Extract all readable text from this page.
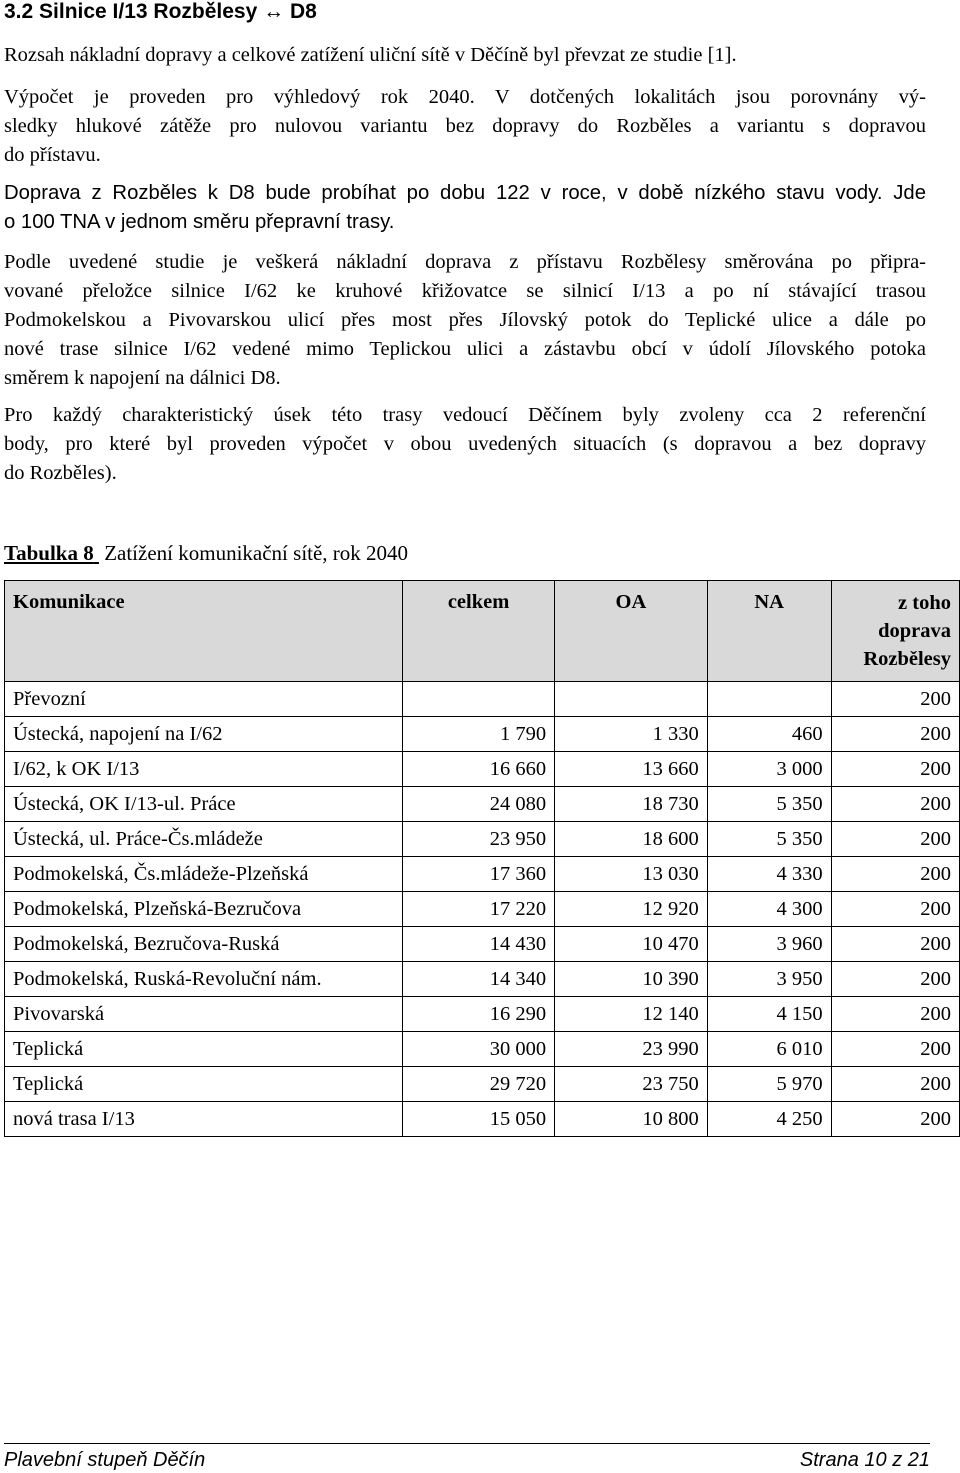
3.2 Silnice I/13 Rozbělesy ↔ D8
Rozsah nákladní dopravy a celkové zatížení uliční sítě v Děčíně byl převzat ze studie [1].
Výpočet je proveden pro výhledový rok 2040. V dotčených lokalitách jsou porovnány vý-
sledky hlukové zátěže pro nulovou variantu bez dopravy do Rozběles a variantu s dopravou
do přístavu.
Doprava z Rozběles k D8 bude probíhat po dobu 122 v roce, v době nízkého stavu vody. Jde
o 100 TNA v jednom směru přepravní trasy.
Podle uvedené studie je veškerá nákladní doprava z přístavu Rozbělesy směrována po připra-
vované přeložce silnice I/62 ke kruhové křižovatce se silnicí I/13 a po ní stávající trasou
Podmokelskou a Pivovarskou ulicí přes most přes Jílovský potok do Teplické ulice a dále po
nové trase silnice I/62 vedené mimo Teplickou ulici a zástavbu obcí v údolí Jílovského potoka
směrem k napojení na dálnici D8.
Pro každý charakteristický úsek této trasy vedoucí Děčínem byly zvoleny cca 2 referenční
body, pro které byl proveden výpočet v obou uvedených situacích (s dopravou a bez dopravy
do Rozběles).
Tabulka 8 Zatížení komunikační sítě, rok 2040
Komunikace	celkem	OA	NA	z toho doprava Rozbělesy
Převozní				200
Ústecká, napojení na I/62	1 790	1 330	460	200
I/62, k OK I/13	16 660	13 660	3 000	200
Ústecká, OK I/13-ul. Práce	24 080	18 730	5 350	200
Ústecká, ul. Práce-Čs.mládeže	23 950	18 600	5 350	200
Podmokelská, Čs.mládeže-Plzeňská	17 360	13 030	4 330	200
Podmokelská, Plzeňská-Bezručova	17 220	12 920	4 300	200
Podmokelská, Bezručova-Ruská	14 430	10 470	3 960	200
Podmokelská, Ruská-Revoluční nám.	14 340	10 390	3 950	200
Pivovarská	16 290	12 140	4 150	200
Teplická	30 000	23 990	6 010	200
Teplická	29 720	23 750	5 970	200
nová trasa I/13	15 050	10 800	4 250	200
Plavební stupeň Děčín	Strana 10 z 21
